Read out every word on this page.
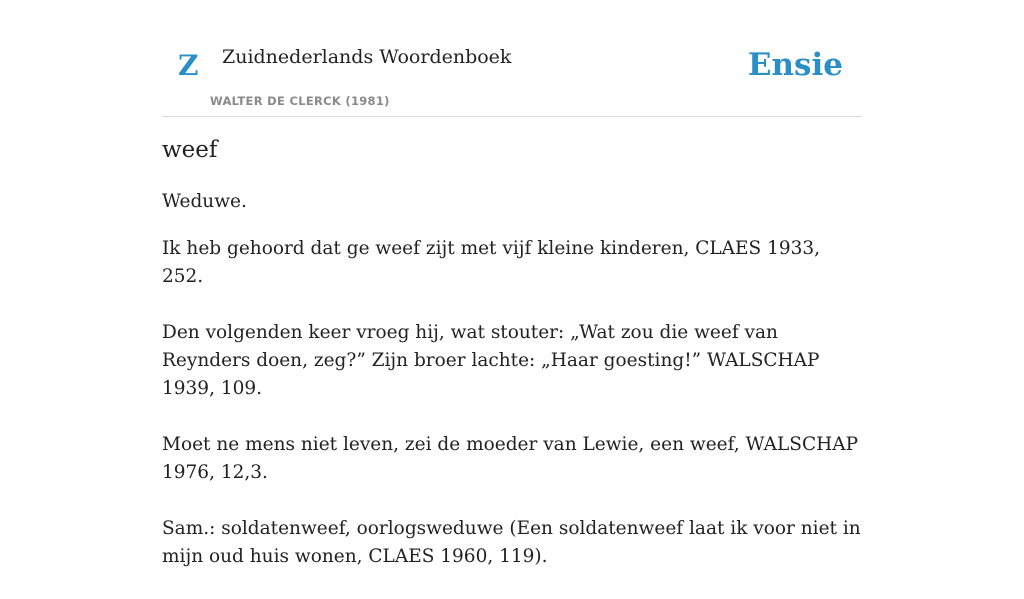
Z Zuidnederlands Woordenboek
WALTER DE CLERCK (1981)
Ensie
weef

Weduwe.

Ik heb gehoord dat ge weef zijt met vijf kleine kinderen, CLAES 1933, 252.

Den volgenden keer vroeg hij, wat stouter: „Wat zou die weef van Reynders doen, zeg?” Zijn broer lachte: „Haar goesting!” WALSCHAP 1939, 109.

Moet ne mens niet leven, zei de moeder van Lewie, een weef, WALSCHAP 1976, 12,3.

Sam.: soldatenweef, oorlogsweduwe (Een soldatenweef laat ik voor niet in mijn oud huis wonen, CLAES 1960, 119).
